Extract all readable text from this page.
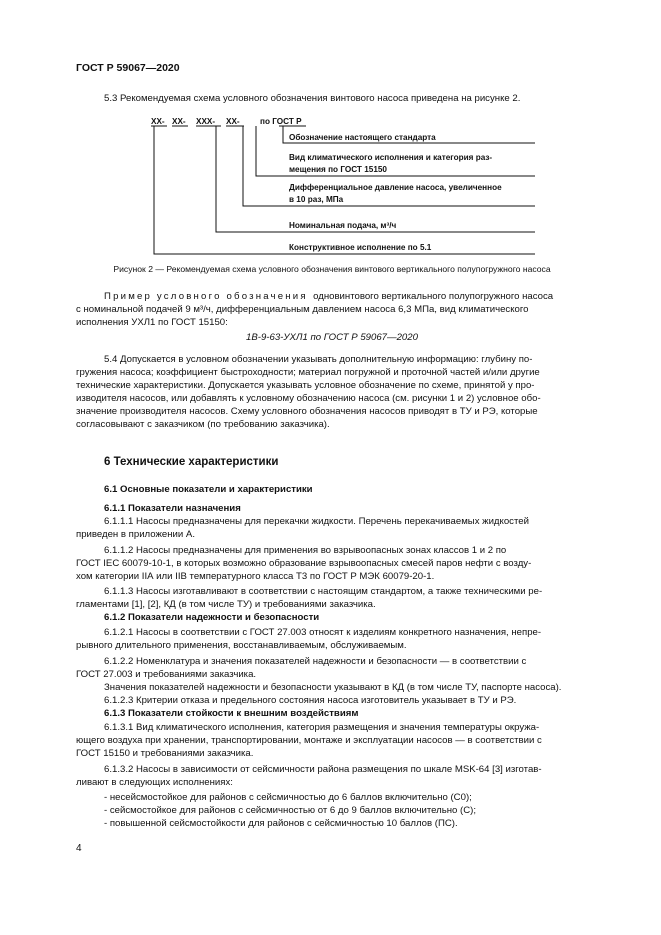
ГОСТ Р 59067—2020
5.3 Рекомендуемая схема условного обозначения винтового насоса приведена на рисунке 2.
ХХ- ХХ- ХХХ- ХХ- по ГОСТ Р
Обозначение настоящего стандарта
Вид климатического исполнения и категория раз-
мещения по ГОСТ 15150
Дифференциальное давление насоса, увеличенное
в 10 раз, МПа
Номинальная подача, м³/ч
Конструктивное исполнение по 5.1
Рисунок 2 — Рекомендуемая схема условного обозначения винтового вертикального полупогружного насоса
Пример условного обозначения одновинтового вертикального полупогружного насоса
с номинальной подачей 9 м³/ч, дифференциальным давлением насоса 6,3 МПа, вид климатического
исполнения УХЛ1 по ГОСТ 15150:
1В-9-63-УХЛ1 по ГОСТ Р 59067—2020
5.4 Допускается в условном обозначении указывать дополнительную информацию: глубину по-
гружения насоса; коэффициент быстроходности; материал погружной и проточной частей и/или другие
технические характеристики. Допускается указывать условное обозначение по схеме, принятой у про-
изводителя насосов, или добавлять к условному обозначению насоса (см. рисунки 1 и 2) условное обо-
значение производителя насосов. Схему условного обозначения насосов приводят в ТУ и РЭ, которые
согласовывают с заказчиком (по требованию заказчика).
6 Технические характеристики
6.1 Основные показатели и характеристики
6.1.1 Показатели назначения
6.1.1.1 Насосы предназначены для перекачки жидкости. Перечень перекачиваемых жидкостей
приведен в приложении А.
6.1.1.2 Насосы предназначены для применения во взрывоопасных зонах классов 1 и 2 по
ГОСТ IEC 60079-10-1, в которых возможно образование взрывоопасных смесей паров нефти с возду-
хом категории IIА или IIВ температурного класса Т3 по ГОСТ Р МЭК 60079-20-1.
6.1.1.3 Насосы изготавливают в соответствии с настоящим стандартом, а также техническими ре-
гламентами [1], [2], КД (в том числе ТУ) и требованиями заказчика.
6.1.2 Показатели надежности и безопасности
6.1.2.1 Насосы в соответствии с ГОСТ 27.003 относят к изделиям конкретного назначения, непре-
рывного длительного применения, восстанавливаемым, обслуживаемым.
6.1.2.2 Номенклатура и значения показателей надежности и безопасности — в соответствии с
ГОСТ 27.003 и требованиями заказчика.
Значения показателей надежности и безопасности указывают в КД (в том числе ТУ, паспорте насоса).
6.1.2.3 Критерии отказа и предельного состояния насоса изготовитель указывает в ТУ и РЭ.
6.1.3 Показатели стойкости к внешним воздействиям
6.1.3.1 Вид климатического исполнения, категория размещения и значения температуры окружа-
ющего воздуха при хранении, транспортировании, монтаже и эксплуатации насосов — в соответствии с
ГОСТ 15150 и требованиями заказчика.
6.1.3.2 Насосы в зависимости от сейсмичности района размещения по шкале MSK-64 [3] изготав-
ливают в следующих исполнениях:
- несейсмостойкое для районов с сейсмичностью до 6 баллов включительно (С0);
- сейсмостойкое для районов с сейсмичностью от 6 до 9 баллов включительно (С);
- повышенной сейсмостойкости для районов с сейсмичностью 10 баллов (ПС).
4
